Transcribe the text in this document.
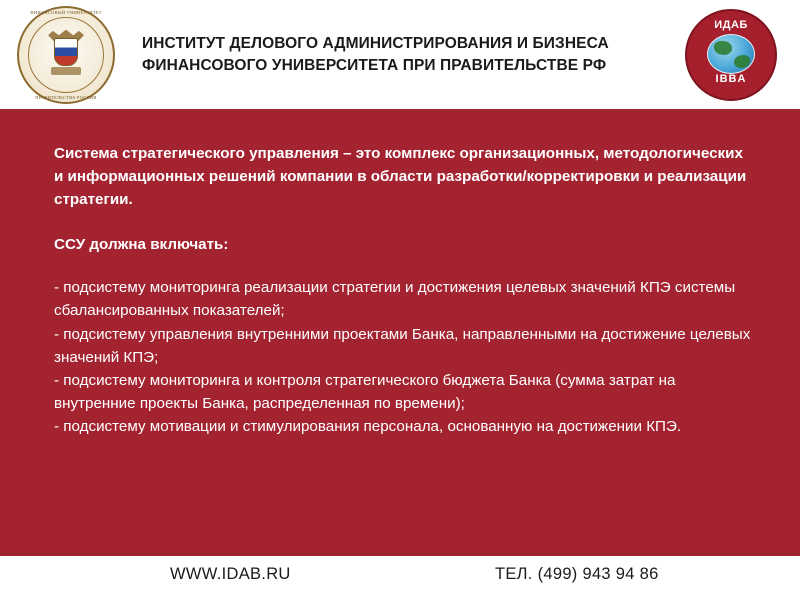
ФИНАНСОВЫЙ УНИВЕРСИТЕТ
ПРАВИТЕЛЬСТВА РОССИИ
ИНСТИТУТ ДЕЛОВОГО АДМИНИСТРИРОВАНИЯ И БИЗНЕСА
ФИНАНСОВОГО УНИВЕРСИТЕТА ПРИ ПРАВИТЕЛЬСТВЕ РФ
ИДАБ
IBBA

Система стратегического управления – это комплекс организационных, методологических и информационных решений компании в области разработки/корректировки и реализации стратегии.

ССУ должна включать:

- подсистему мониторинга реализации стратегии и достижения целевых значений КПЭ системы сбалансированных показателей;

- подсистему управления внутренними проектами Банка, направленными на достижение целевых значений КПЭ;

- подсистему мониторинга и контроля стратегического бюджета Банка (сумма затрат на внутренние проекты Банка, распределенная по времени);

- подсистему мотивации и стимулирования персонала, основанную на достижении КПЭ.

WWW.IDAB.RU	ТЕЛ. (499) 943 94 86
